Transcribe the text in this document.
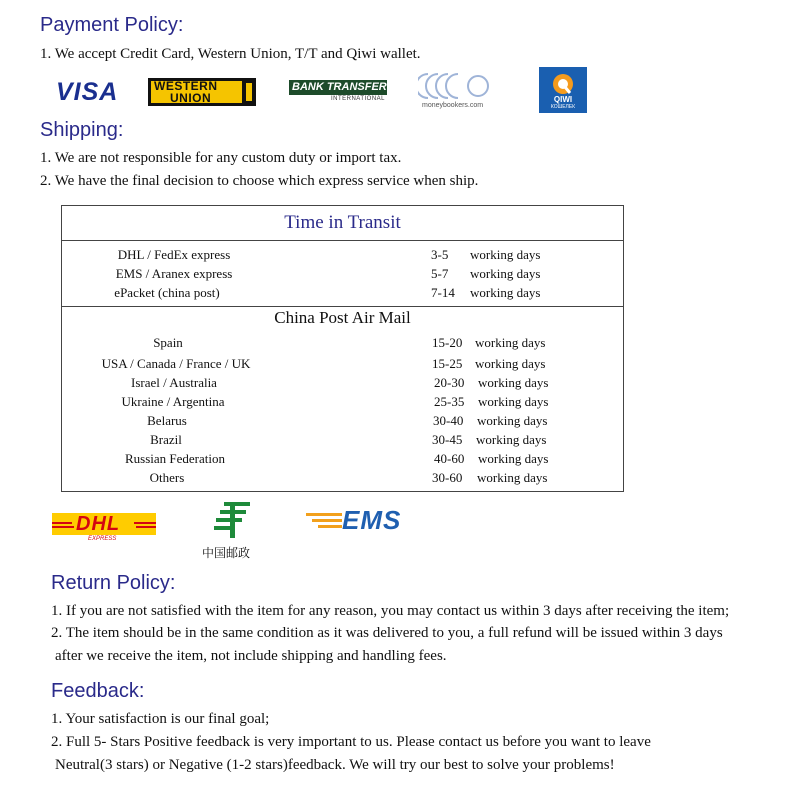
Payment Policy:
1. We accept Credit Card, Western Union, T/T and Qiwi wallet.
VISA	WESTERN
UNION
BANK TRANSFER
INTERNATIONAL
moneybookers.com
QIWI
КОШЕЛЕК
Shipping:
1. We are not responsible for any custom duty or import tax.
2. We have the final decision to choose which express service when ship.
Time in Transit
DHL / FedEx express	3-5 working days
EMS / Aranex express	5-7 working days
ePacket (china post)	7-14 working days
China Post Air Mail
Spain	15-20 working days
USA / Canada / France / UK	15-25 working days
Israel / Australia	20-30 working days
Ukraine / Argentina	25-35 working days
Belarus	30-40 working days
Brazil	30-45 working days
Russian Federation	40-60 working days
Others	30-60 working days
DHL
EXPRESS
中国邮政
EMS
Return Policy:
1. If you are not satisfied with the item for any reason, you may contact us within 3 days after receiving the item;
2. The item should be in the same condition as it was delivered to you, a full refund will be issued within 3 days
after we receive the item, not include shipping and handling fees.
Feedback:
1. Your satisfaction is our final goal;
2. Full 5- Stars Positive feedback is very important to us. Please contact us before you want to leave
Neutral(3 stars) or Negative (1-2 stars)feedback. We will try our best to solve your problems!
